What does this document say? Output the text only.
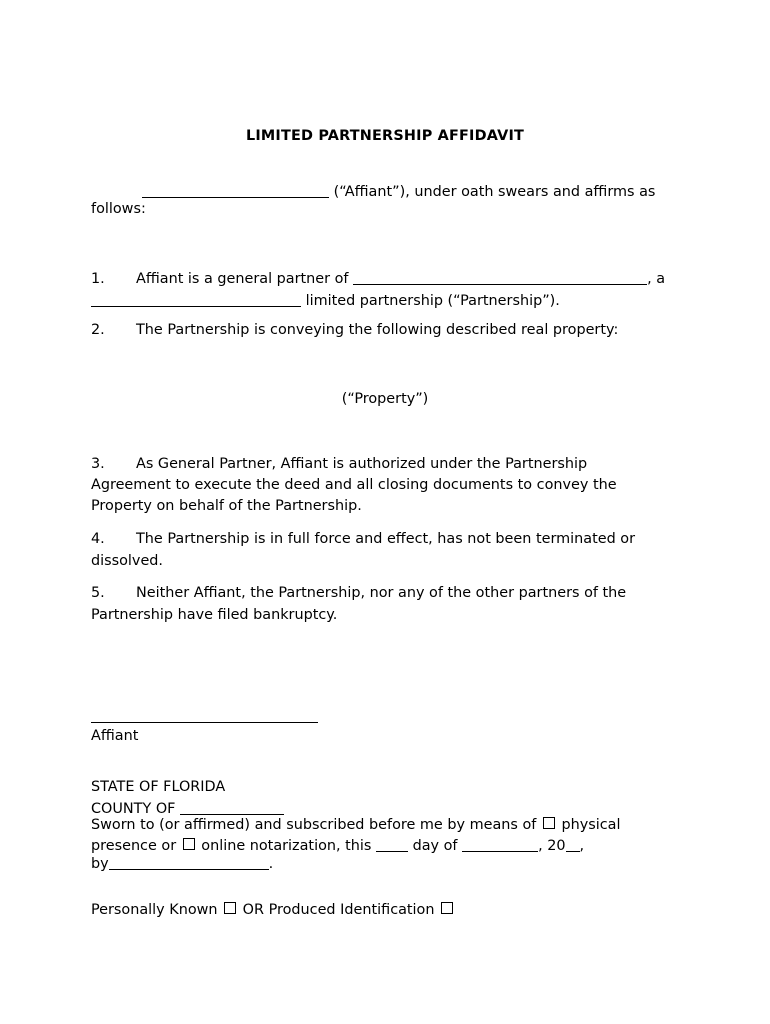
LIMITED PARTNERSHIP AFFIDAVIT
(“Affiant”), under oath swears and affirms as
follows:
1. Affiant is a general partner of	, a
limited partnership (“Partnership”).
2. The Partnership is conveying the following described real property:
(“Property”)
3. As General Partner, Affiant is authorized under the Partnership
Agreement to execute the deed and all closing documents to convey the
Property on behalf of the Partnership.
4. The Partnership is in full force and effect, has not been terminated or
dissolved.
5. Neither Affiant, the Partnership, nor any of the other partners of the
Partnership have filed bankruptcy.
Affiant
STATE OF FLORIDA
COUNTY OF
Sworn to (or affirmed) and subscribed before me by means of physical
presence or online notarization, this	day of	, 20 ,
by	.
Personally Known OR Produced Identification
